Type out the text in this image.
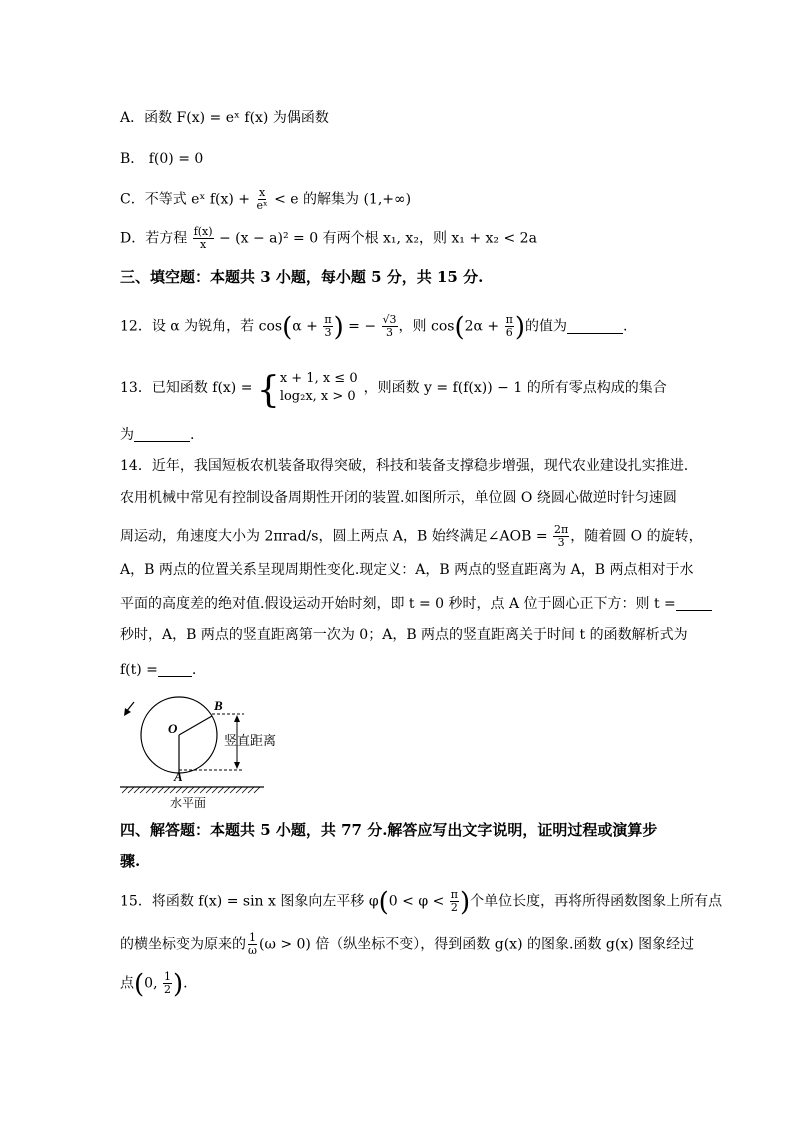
A．函数 F(x) = eˣ f(x) 为偶函数
B． f(0) = 0
C．不等式 eˣ $f(x) + \frac{x}{\text{eˣ}} < e$ 的解集为 (1,+∞)
D．若方程 $\frac{f(x)}{x} - (x - a)^2 = 0$ 有两个根 x₁, x₂，则 x₁ + x₂ < 2a
三、填空题：本题共 3 小题，每小题 5 分，共 15 分.
12．设 α 为锐角，若 $\cos(\alpha + \frac{\pi}{3}$ ) = − $\frac{√3}{3}$ ，则 $\cos(2\alpha + \frac{\pi}{6}$ )的值为	.
13．已知函数 f(x) = { x + 1, x ≤ 0
log₂x, x > 0
，则函数 y = f(f(x)) − 1 的所有零点构成的集合
为	.
14．近年，我国短板农机装备取得突破，科技和装备支撑稳步增强，现代农业建设扎实推进.
农用机械中常见有控制设备周期性开闭的装置.如图所示，单位圆 O 绕圆心做逆时针匀速圆
周运动，角速度大小为 2πrad/s，圆上两点 A，B 始终满足∠AOB = $\frac{2\pi}{3}$ ，随着圆 O 的旋转，
A，B 两点的位置关系呈现周期性变化.现定义：A，B 两点的竖直距离为 A，B 两点相对于水
平面的高度差的绝对值.假设运动开始时刻，即 t = 0 秒时，点 A 位于圆心正下方：则 t =
秒时，A，B 两点的竖直距离第一次为 0；A，B 两点的竖直距离关于时间 t 的函数解析式为
f(t) = .
O
A
B
竖直距离
水平面
四、解答题：本题共 5 小题，共 77 分.解答应写出文字说明，证明过程或演算步
骤.
15．将函数 f(x) = sin x 图象向左平移 $\varphi(0 < \varphi < \frac{\pi}{2}$ )个单位长度，再将所得函数图象上所有点
的横坐标变为原来的 $\frac{1}{\omega} (\omega > 0)$ 倍（纵坐标不变），得到函数 g(x) 的图象.函数 g(x) 图象经过
点(0, $\frac{1}{2}$ ).
